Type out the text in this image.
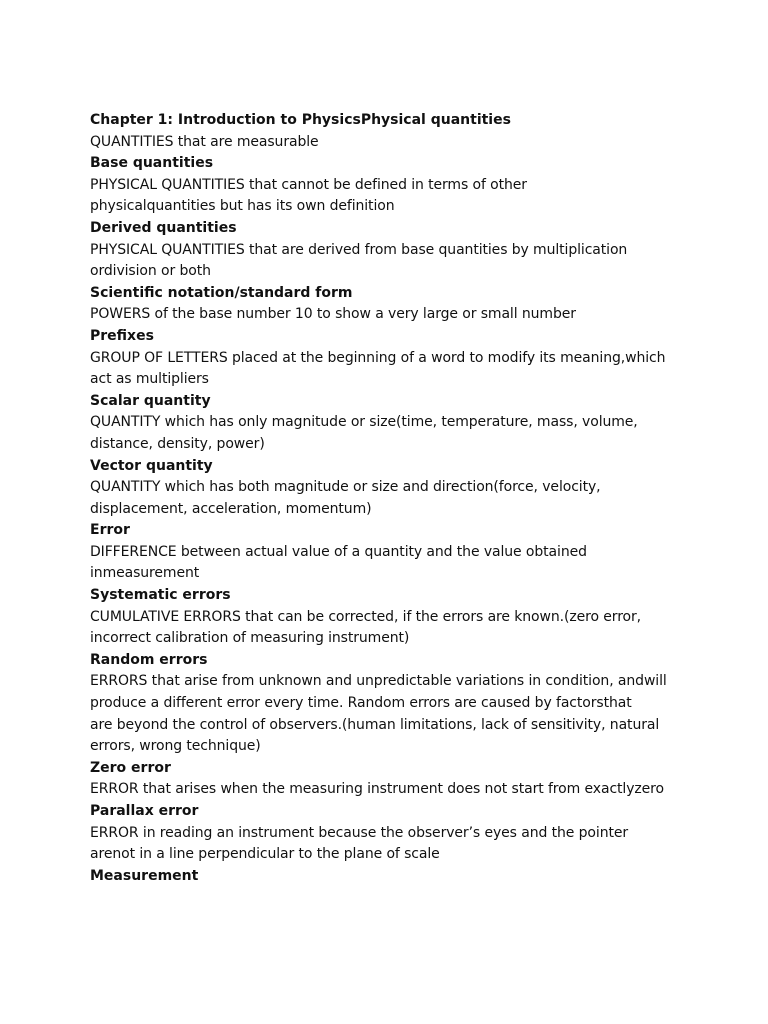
Chapter 1: Introduction to PhysicsPhysical quantities
QUANTITIES that are measurable
Base quantities
PHYSICAL QUANTITIES that cannot be defined in terms of other
physicalquantities but has its own definition
Derived quantities
PHYSICAL QUANTITIES that are derived from base quantities by multiplication
ordivision or both
Scientific notation/standard form
POWERS of the base number 10 to show a very large or small number
Prefixes
GROUP OF LETTERS placed at the beginning of a word to modify its meaning,which
act as multipliers
Scalar quantity
QUANTITY which has only magnitude or size(time, temperature, mass, volume,
distance, density, power)
Vector quantity
QUANTITY which has both magnitude or size and direction(force, velocity,
displacement, acceleration, momentum)
Error
DIFFERENCE between actual value of a quantity and the value obtained
inmeasurement
Systematic errors
CUMULATIVE ERRORS that can be corrected, if the errors are known.(zero error,
incorrect calibration of measuring instrument)
Random errors
ERRORS that arise from unknown and unpredictable variations in condition, andwill
produce a different error every time. Random errors are caused by factorsthat
are beyond the control of observers.(human limitations, lack of sensitivity, natural
errors, wrong technique)
Zero error
ERROR that arises when the measuring instrument does not start from exactlyzero
Parallax error
ERROR in reading an instrument because the observer’s eyes and the pointer
arenot in a line perpendicular to the plane of scale
Measurement
